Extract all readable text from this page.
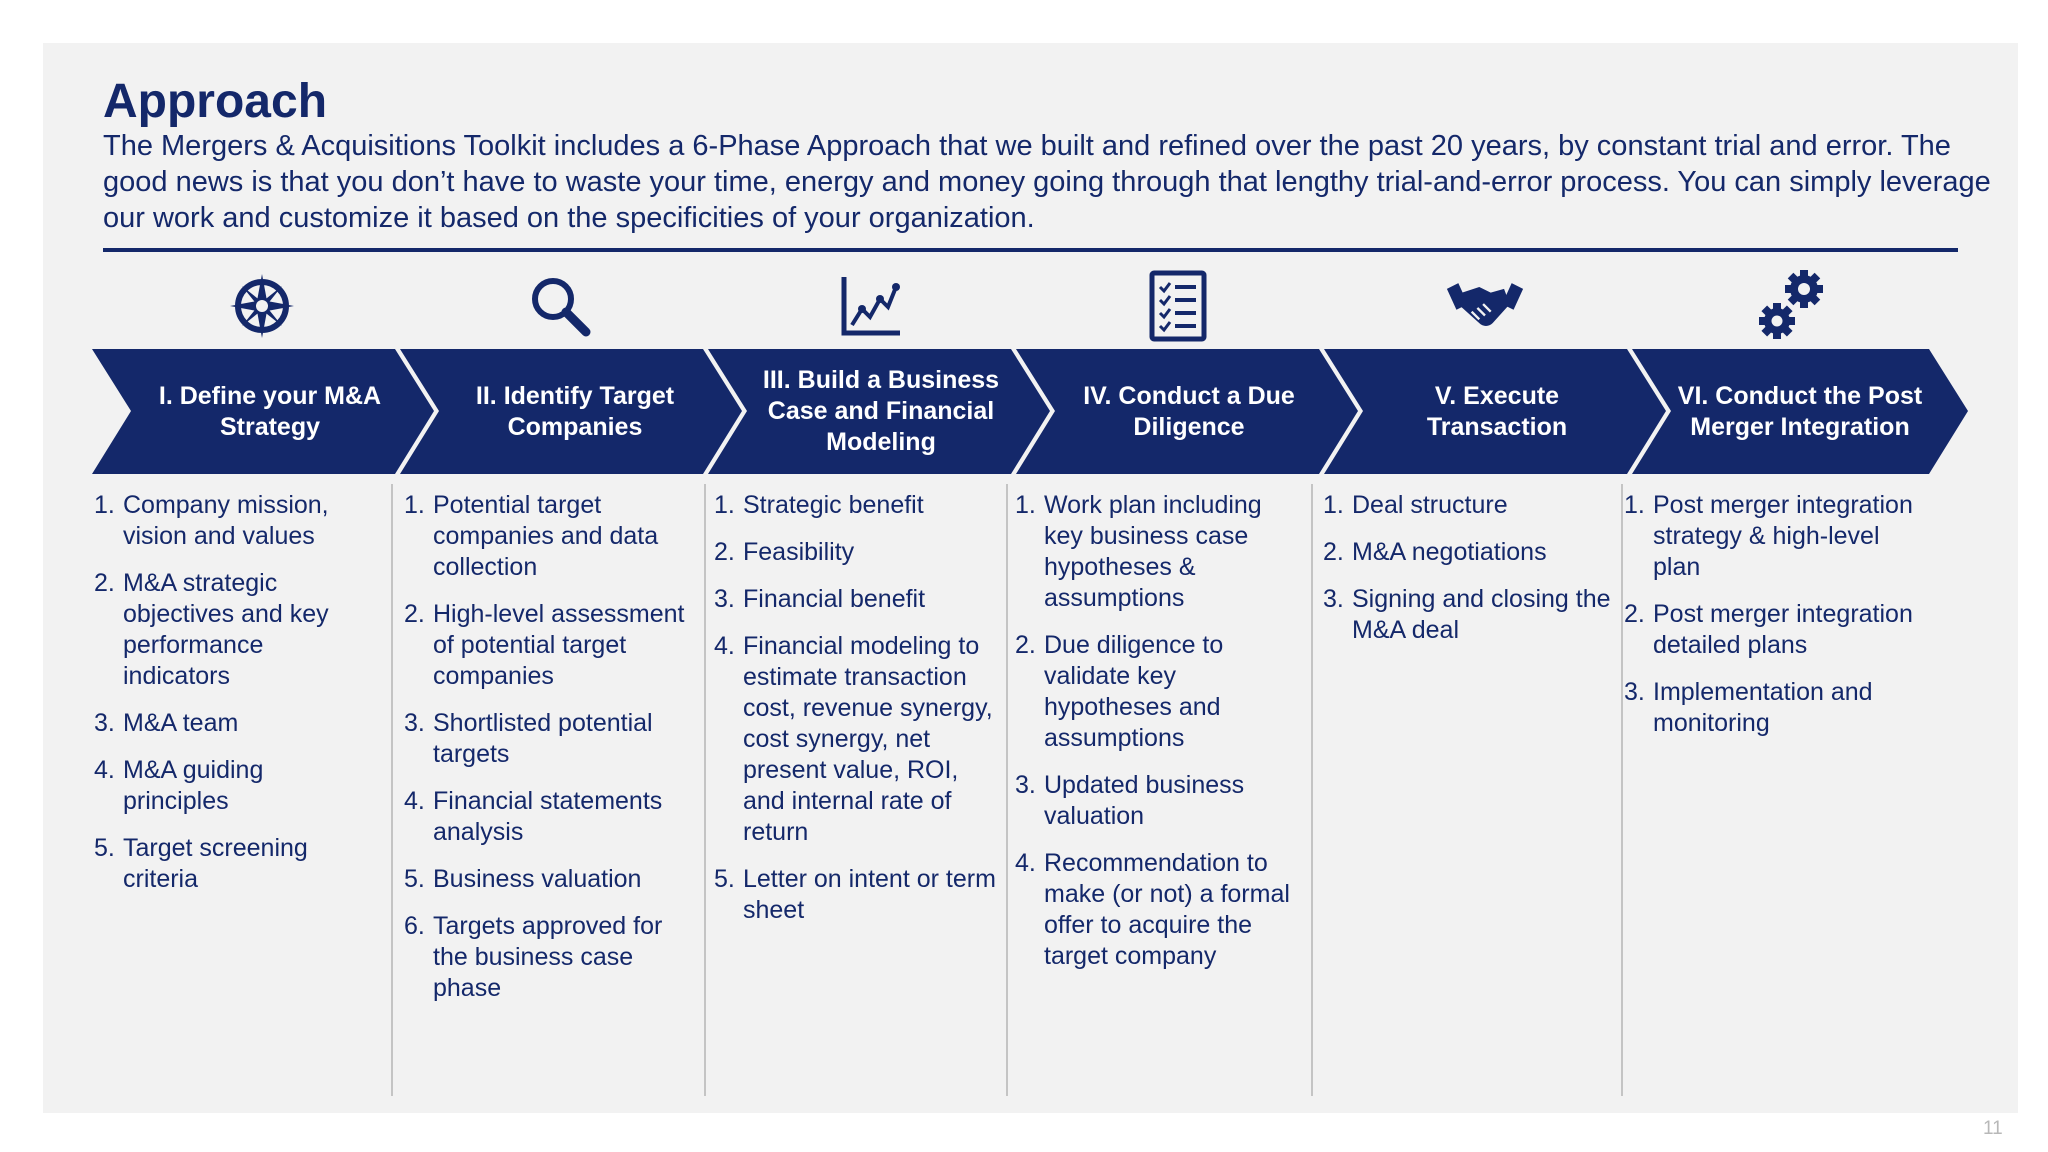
Approach
The Mergers & Acquisitions Toolkit includes a 6-Phase Approach that we built and refined over the past 20 years, by constant trial and error. The good news is that you don’t have to waste your time, energy and money going through that lengthy trial-and-error process. You can simply leverage our work and customize it based on the specificities of your organization.
I. Define your M&A Strategy
II. Identify Target Companies
III. Build a Business Case and Financial Modeling
IV. Conduct a Due Diligence
V. Execute Transaction
VI. Conduct the Post Merger Integration
1. Company mission, vision and values
2. M&A strategic objectives and key performance indicators
3. M&A team
4. M&A guiding principles
5. Target screening criteria
1. Potential target companies and data collection
2. High-level assessment of potential target companies
3. Shortlisted potential targets
4. Financial statements analysis
5. Business valuation
6. Targets approved for the business case phase
1. Strategic benefit
2. Feasibility
3. Financial benefit
4. Financial modeling to estimate transaction cost, revenue synergy, cost synergy, net present value, ROI, and internal rate of return
5. Letter on intent or term sheet
1. Work plan including key business case hypotheses & assumptions
2. Due diligence to validate key hypotheses and assumptions
3. Updated business valuation
4. Recommendation to make (or not) a formal offer to acquire the target company
1. Deal structure
2. M&A negotiations
3. Signing and closing the M&A deal
1. Post merger integration strategy & high-level plan
2. Post merger integration detailed plans
3. Implementation and monitoring
11
